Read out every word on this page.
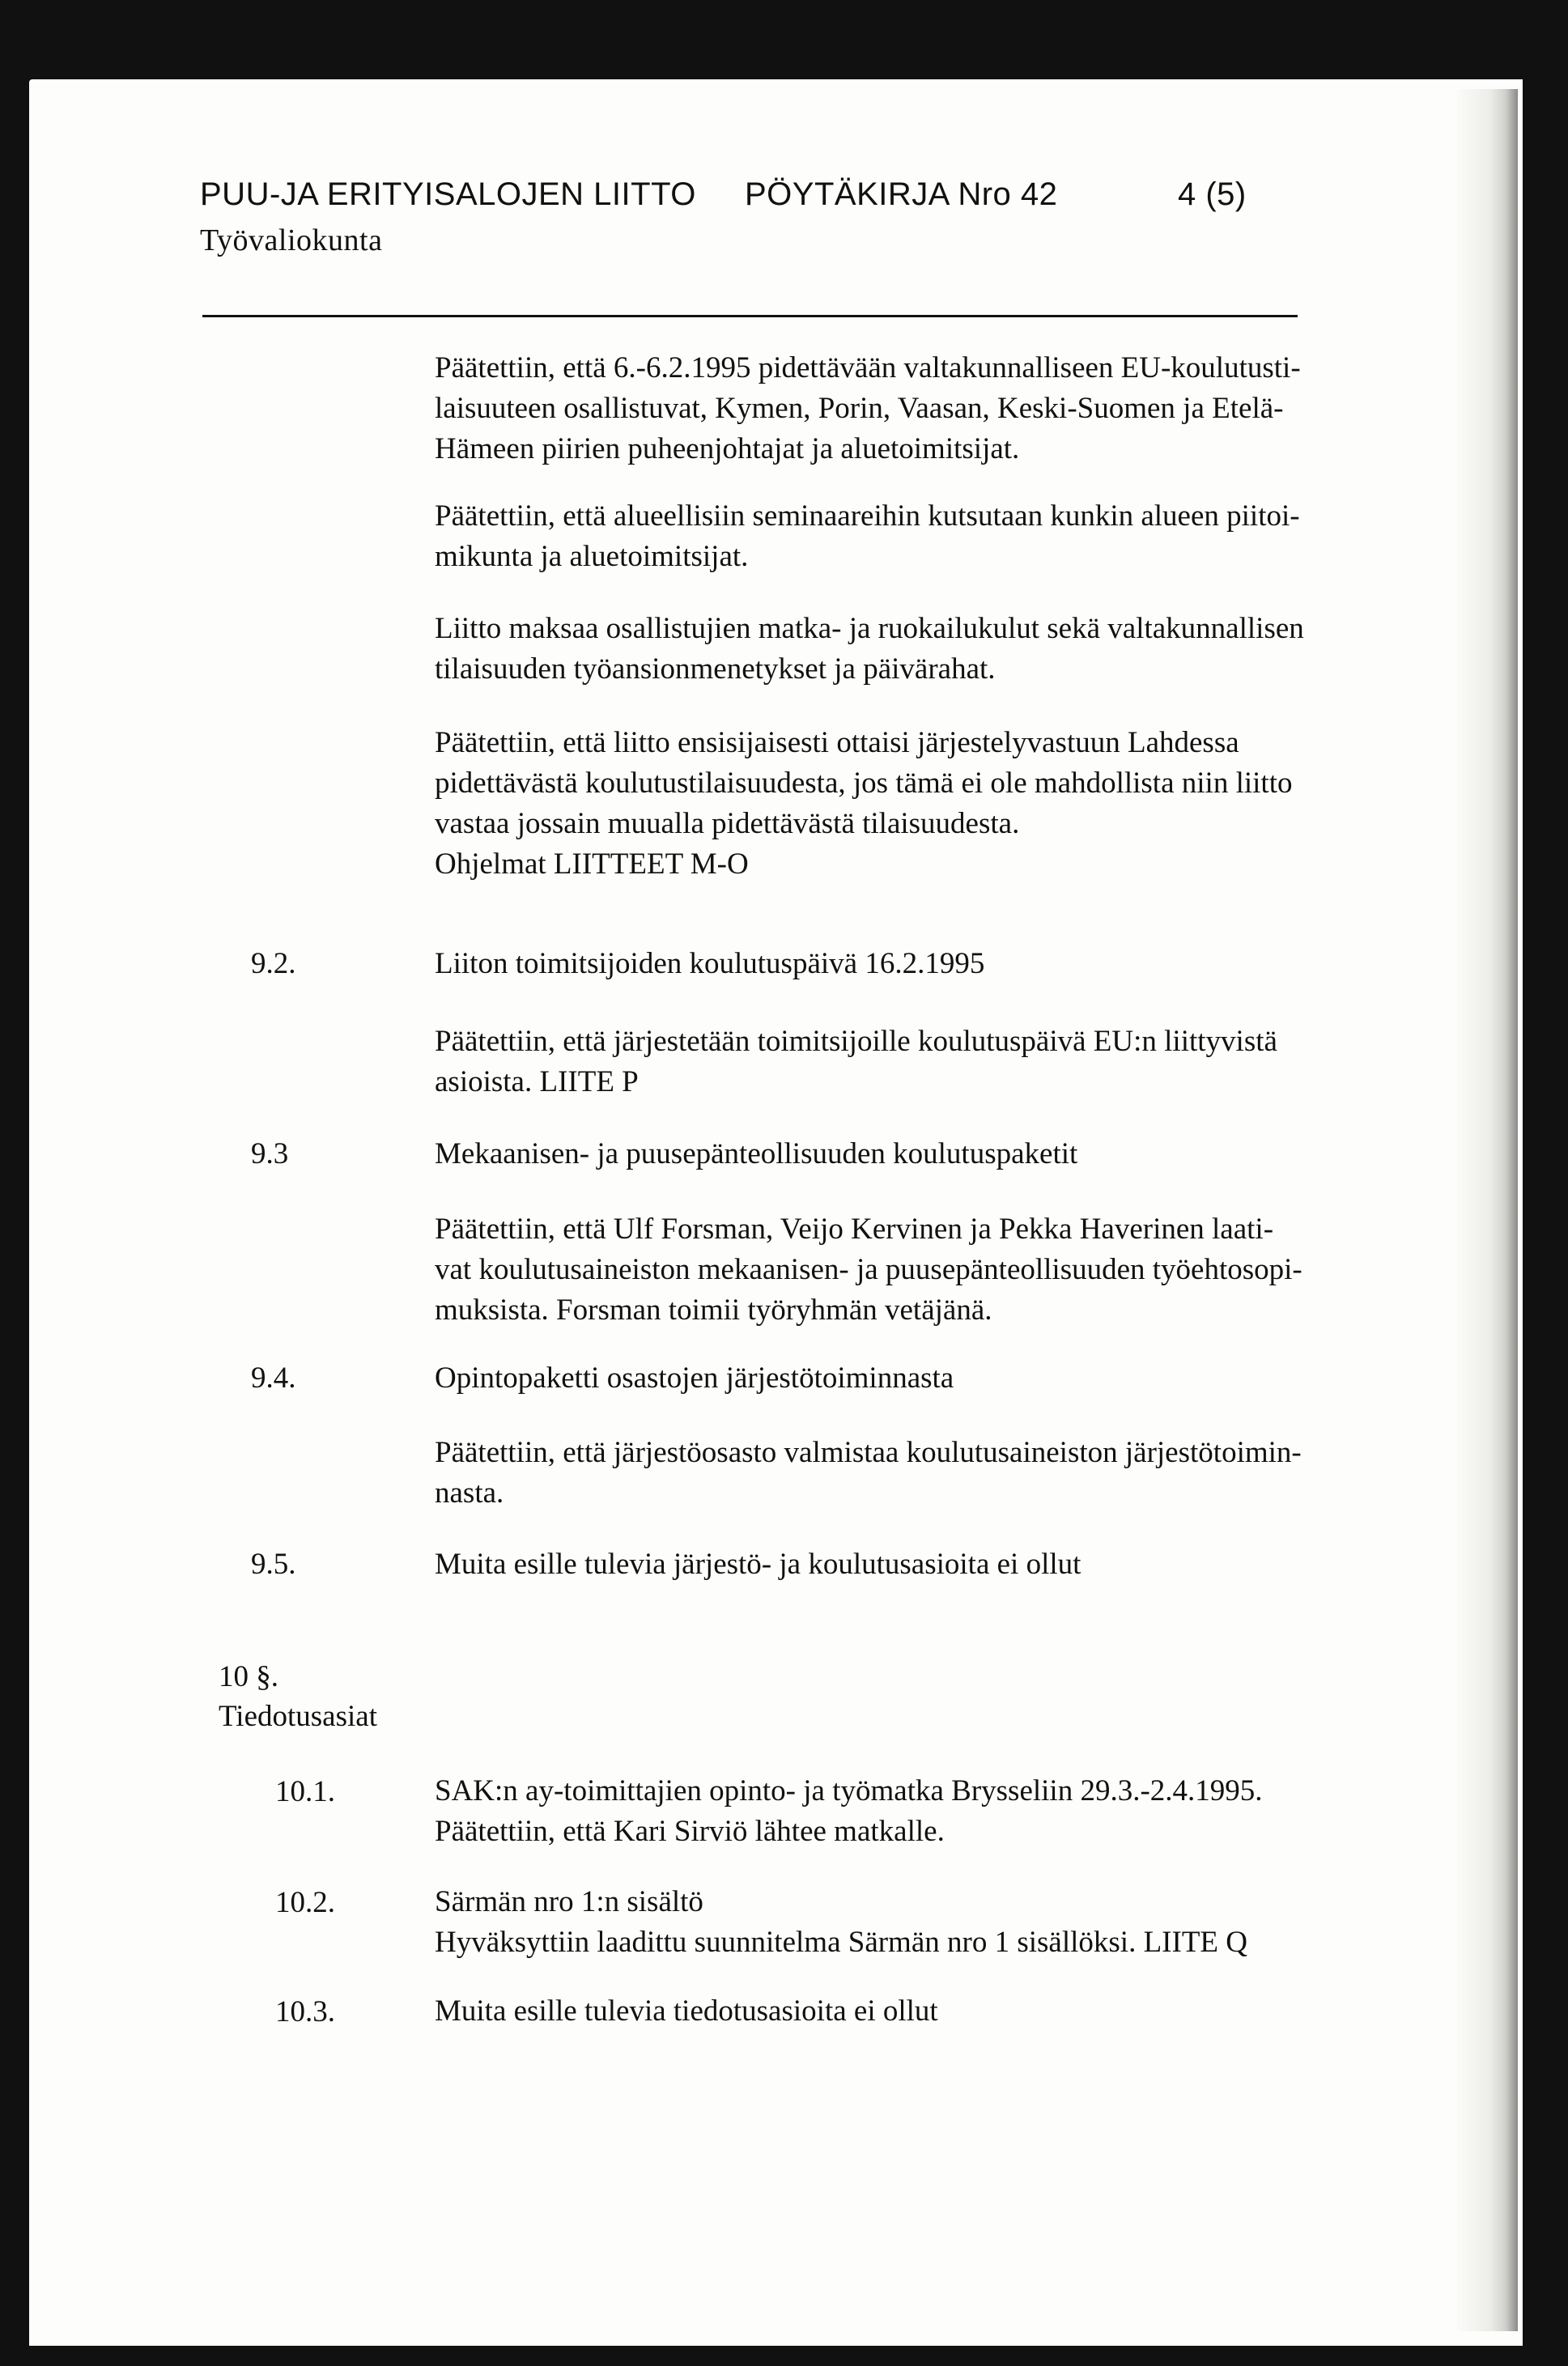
PUU-JA ERITYISALOJEN LIITTO PÖYTÄKIRJA Nro 42	4 (5)
Työvaliokunta
Päätettiin, että 6.-6.2.1995 pidettävään valtakunnalliseen EU-koulutusti-
laisuuteen osallistuvat, Kymen, Porin, Vaasan, Keski-Suomen ja Etelä-
Hämeen piirien puheenjohtajat ja aluetoimitsijat.
Päätettiin, että alueellisiin seminaareihin kutsutaan kunkin alueen piitoi-
mikunta ja aluetoimitsijat.
Liitto maksaa osallistujien matka- ja ruokailukulut sekä valtakunnallisen
tilaisuuden työansionmenetykset ja päivärahat.
Päätettiin, että liitto ensisijaisesti ottaisi järjestelyvastuun Lahdessa
pidettävästä koulutustilaisuudesta, jos tämä ei ole mahdollista niin liitto
vastaa jossain muualla pidettävästä tilaisuudesta.
Ohjelmat LIITTEET M-O
9.2.	Liiton toimitsijoiden koulutuspäivä 16.2.1995
Päätettiin, että järjestetään toimitsijoille koulutuspäivä EU:n liittyvistä
asioista. LIITE P
9.3	Mekaanisen- ja puusepänteollisuuden koulutuspaketit
Päätettiin, että Ulf Forsman, Veijo Kervinen ja Pekka Haverinen laati-
vat koulutusaineiston mekaanisen- ja puusepänteollisuuden työehtosopi-
muksista. Forsman toimii työryhmän vetäjänä.
9.4.	Opintopaketti osastojen järjestötoiminnasta
Päätettiin, että järjestöosasto valmistaa koulutusaineiston järjestötoimin-
nasta.
9.5.	Muita esille tulevia järjestö- ja koulutusasioita ei ollut
10 §.
Tiedotusasiat
10.1.	SAK:n ay-toimittajien opinto- ja työmatka Brysseliin 29.3.-2.4.1995.
Päätettiin, että Kari Sirviö lähtee matkalle.
10.2.	Särmän nro 1:n sisältö
Hyväksyttiin laadittu suunnitelma Särmän nro 1 sisällöksi. LIITE Q
10.3.	Muita esille tulevia tiedotusasioita ei ollut
